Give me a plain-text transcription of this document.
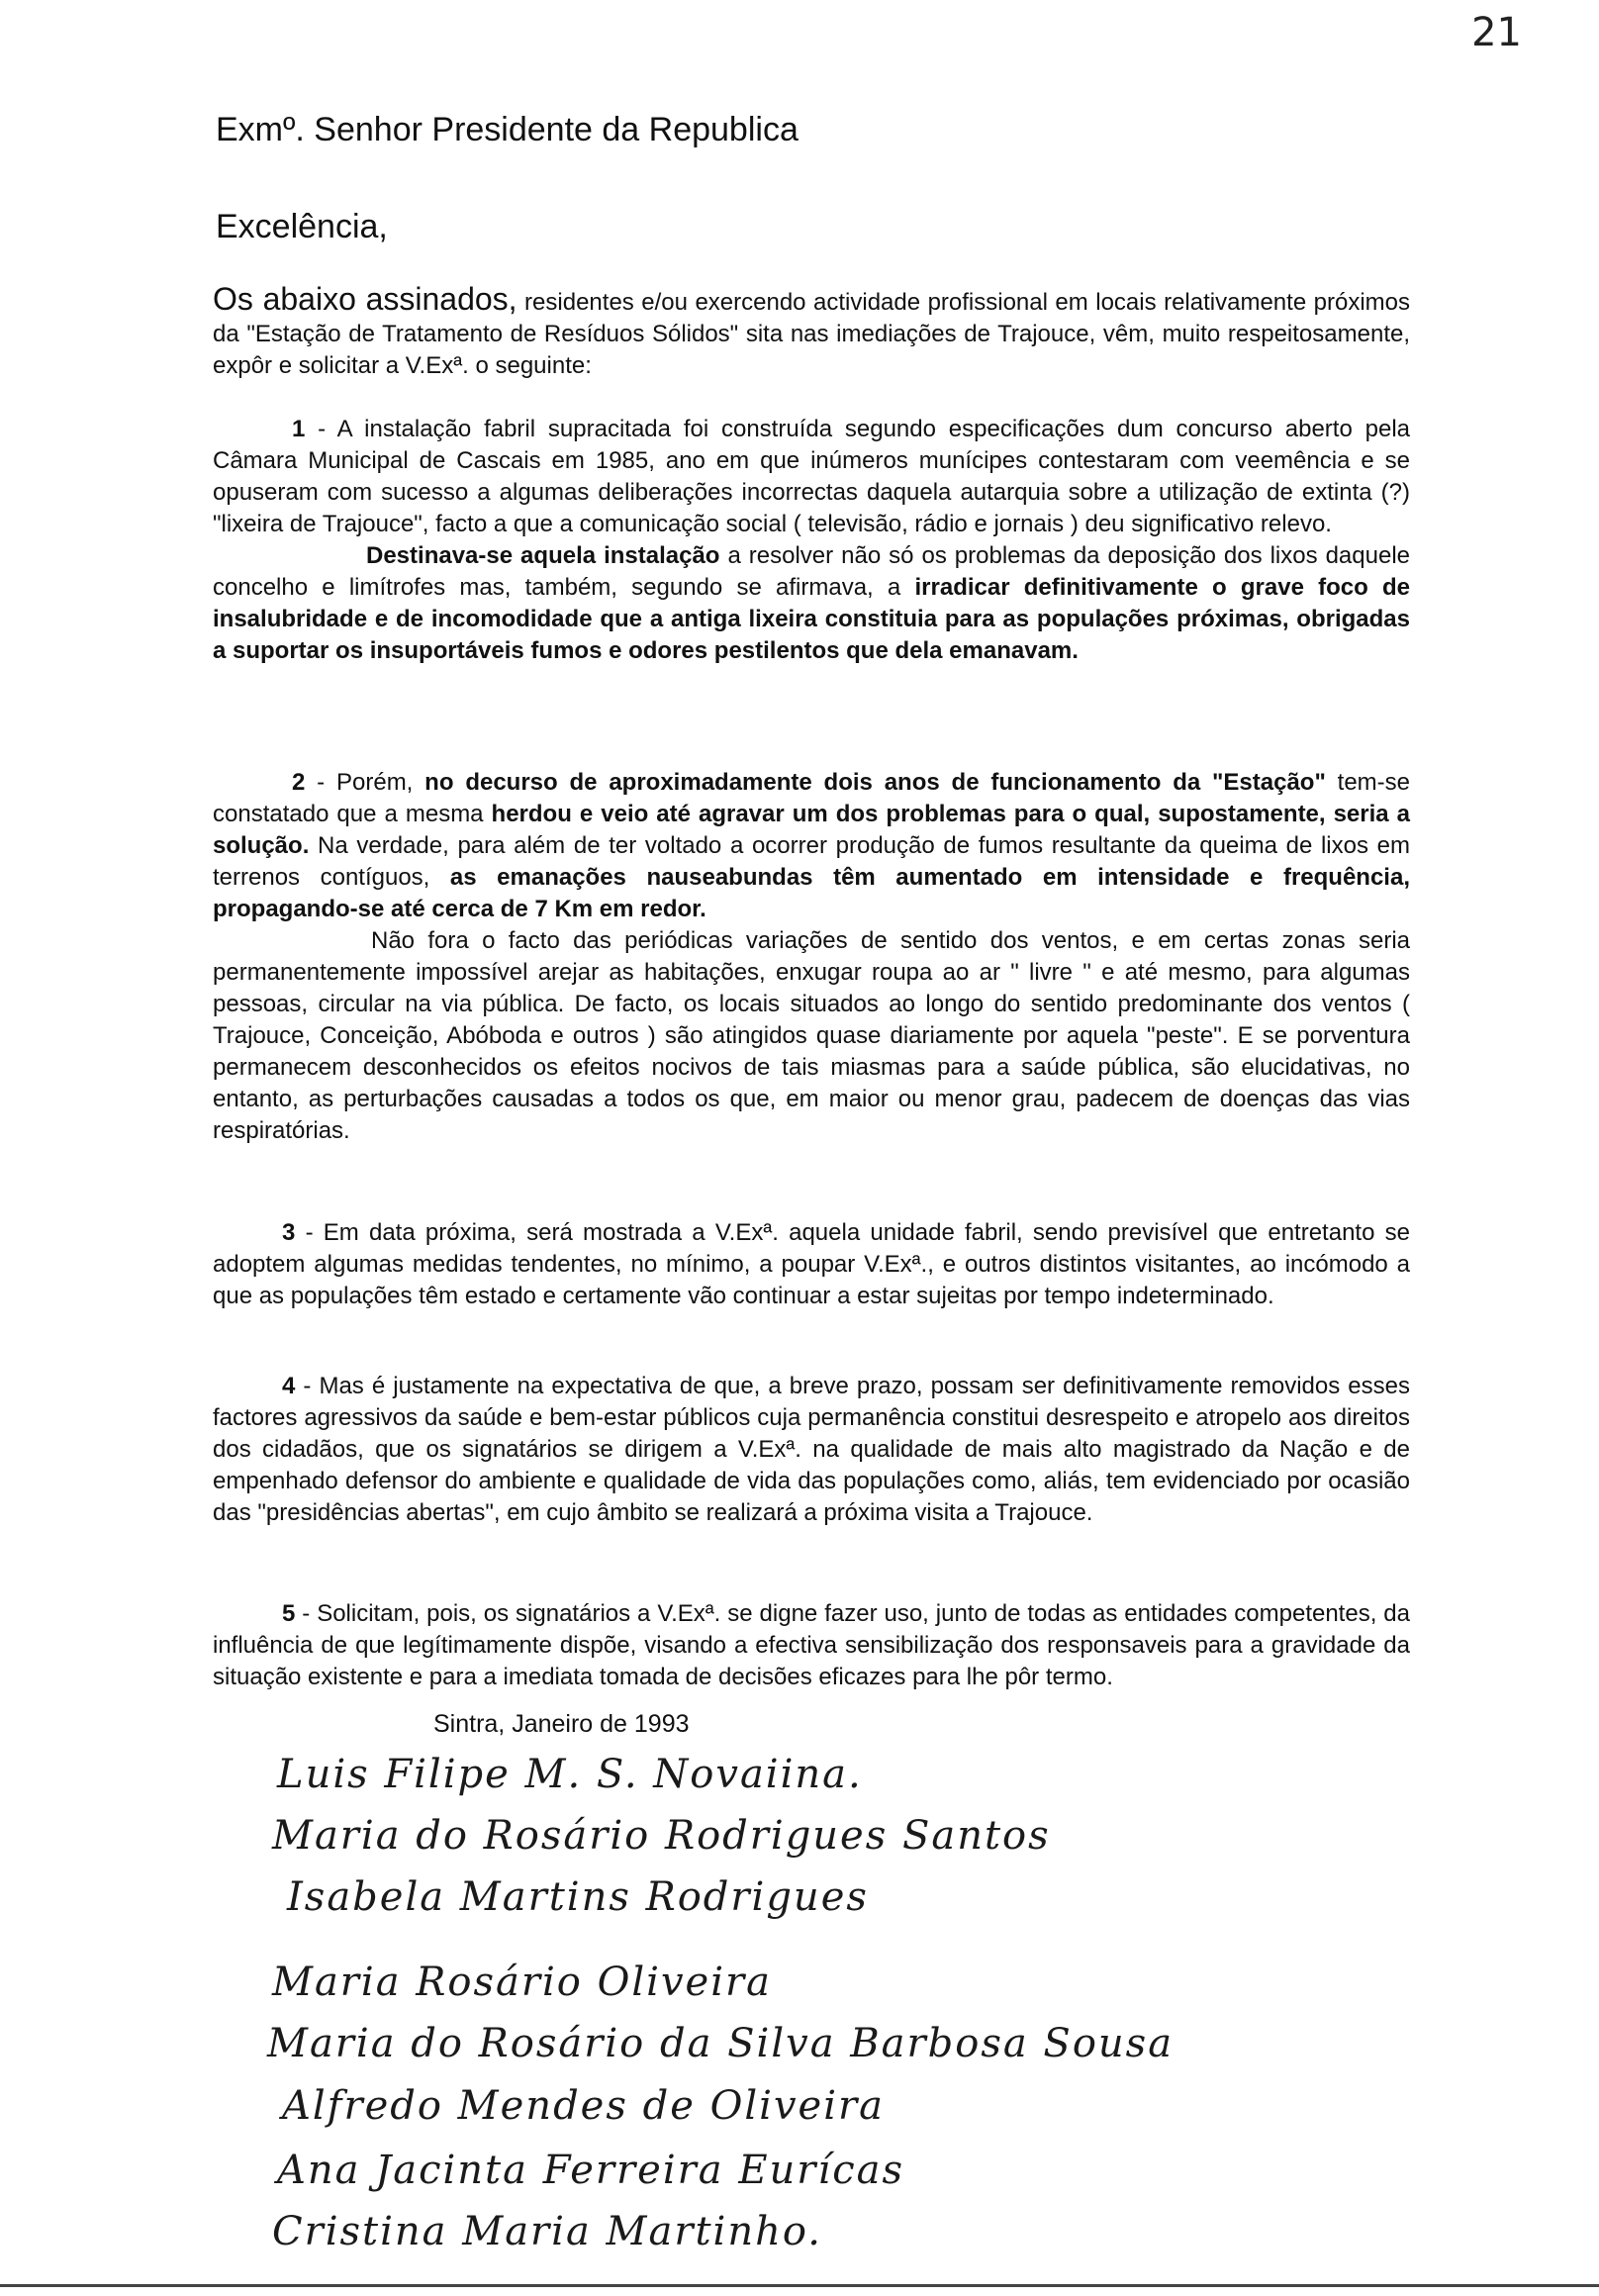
21
Exmº. Senhor Presidente da Republica
Excelência,

Os abaixo assinados, residentes e/ou exercendo actividade profissional em locais relativamente próximos da "Estação de Tratamento de Resíduos Sólidos" sita nas imediações de Trajouce, vêm, muito respeitosamente, expôr e solicitar a V.Exª. o seguinte:

1 - A instalação fabril supracitada foi construída segundo especificações dum concurso aberto pela Câmara Municipal de Cascais em 1985, ano em que inúmeros munícipes contestaram com veemência e se opuseram com sucesso a algumas deliberações incorrectas daquela autarquia sobre a utilização de extinta (?) "lixeira de Trajouce", facto a que a comunicação social ( televisão, rádio e jornais ) deu significativo relevo.

Destinava-se aquela instalação a resolver não só os problemas da deposição dos lixos daquele concelho e limítrofes mas, também, segundo se afirmava, a irradicar definitivamente o grave foco de insalubridade e de incomodidade que a antiga lixeira constituia para as populações próximas, obrigadas a suportar os insuportáveis fumos e odores pestilentos que dela emanavam.

2 - Porém, no decurso de aproximadamente dois anos de funcionamento da "Estação" tem-se constatado que a mesma herdou e veio até agravar um dos problemas para o qual, supostamente, seria a solução. Na verdade, para além de ter voltado a ocorrer produção de fumos resultante da queima de lixos em terrenos contíguos, as emanações nauseabundas têm aumentado em intensidade e frequência, propagando-se até cerca de 7 Km em redor.

Não fora o facto das periódicas variações de sentido dos ventos, e em certas zonas seria permanentemente impossível arejar as habitações, enxugar roupa ao ar " livre " e até mesmo, para algumas pessoas, circular na via pública. De facto, os locais situados ao longo do sentido predominante dos ventos ( Trajouce, Conceição, Abóboda e outros ) são atingidos quase diariamente por aquela "peste". E se porventura permanecem desconhecidos os efeitos nocivos de tais miasmas para a saúde pública, são elucidativas, no entanto, as perturbações causadas a todos os que, em maior ou menor grau, padecem de doenças das vias respiratórias.

3 - Em data próxima, será mostrada a V.Exª. aquela unidade fabril, sendo previsível que entretanto se adoptem algumas medidas tendentes, no mínimo, a poupar V.Exª., e outros distintos visitantes, ao incómodo a que as populações têm estado e certamente vão continuar a estar sujeitas por tempo indeterminado.

4 - Mas é justamente na expectativa de que, a breve prazo, possam ser definitivamente removidos esses factores agressivos da saúde e bem-estar públicos cuja permanência constitui desrespeito e atropelo aos direitos dos cidadãos, que os signatários se dirigem a V.Exª. na qualidade de mais alto magistrado da Nação e de empenhado defensor do ambiente e qualidade de vida das populações como, aliás, tem evidenciado por ocasião das "presidências abertas", em cujo âmbito se realizará a próxima visita a Trajouce.

5 - Solicitam, pois, os signatários a V.Exª. se digne fazer uso, junto de todas as entidades competentes, da influência de que legítimamente dispõe, visando a efectiva sensibilização dos responsaveis para a gravidade da situação existente e para a imediata tomada de decisões eficazes para lhe pôr termo.

Sintra, Janeiro de 1993
Luis Filipe M. S. Novaiina.
Maria do Rosário Rodrigues Santos
Isabela Martins Rodrigues
Maria Rosário Oliveira
Maria do Rosário da Silva Barbosa Sousa
Alfredo Mendes de Oliveira
Ana Jacinta Ferreira Eurícas
Cristina Maria Martinho.
